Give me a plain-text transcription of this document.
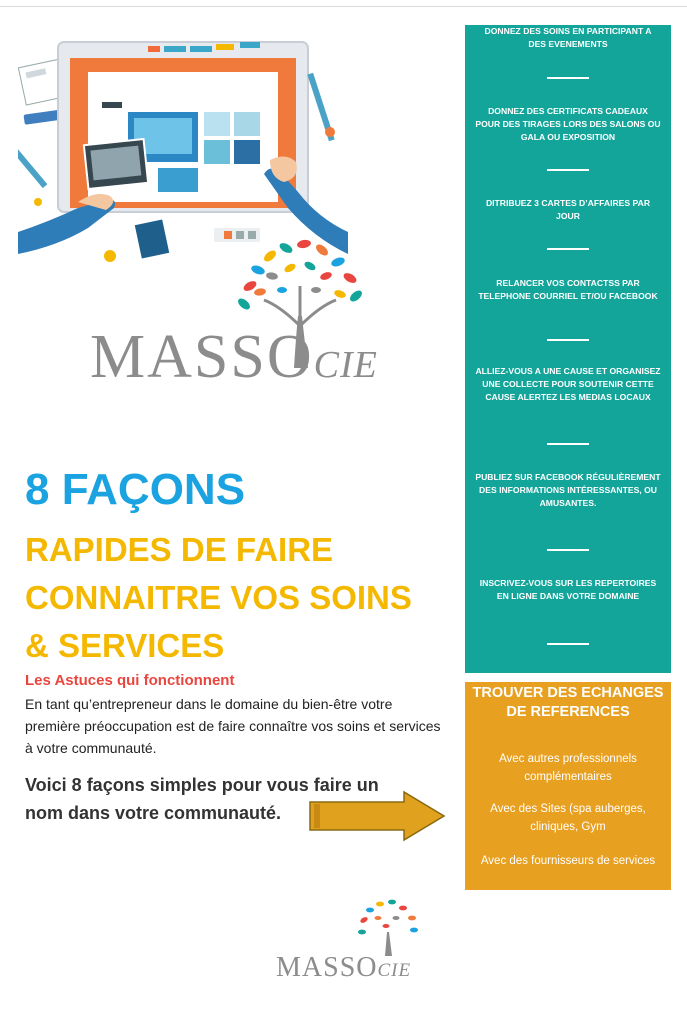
MASSOCIE
8 FAÇONS
RAPIDES DE FAIRE
CONNAITRE VOS SOINS
& SERVICES
Les Astuces qui fonctionnent
En tant qu’entrepreneur dans le domaine du bien-être votre première préoccupation est de faire connaître vos soins et services à votre communauté.
Voici 8 façons simples pour vous faire un nom dans votre communauté.
DONNEZ DES SOINS EN PARTICIPANT A DES EVENEMENTS
DONNEZ DES CERTIFICATS CADEAUX POUR DES TIRAGES LORS DES SALONS OU GALA OU EXPOSITION
DITRIBUEZ 3 CARTES D’AFFAIRES PAR JOUR
RELANCER VOS CONTACTSS PAR TELEPHONE COURRIEL ET/OU FACEBOOK
ALLIEZ-VOUS A UNE CAUSE ET ORGANISEZ UNE COLLECTE POUR SOUTENIR CETTE CAUSE ALERTEZ LES MEDIAS LOCAUX
PUBLIEZ SUR FACEBOOK RÉGULIÈREMENT DES INFORMATIONS INTÉRESSANTES, OU AMUSANTES.
INSCRIVEZ-VOUS SUR LES REPERTOIRES EN LIGNE DANS VOTRE DOMAINE
TROUVER DES ECHANGES DE REFERENCES
Avec autres professionnels complémentaires
Avec des Sites (spa auberges, cliniques, Gym
Avec des fournisseurs de services
MASSOCIE
